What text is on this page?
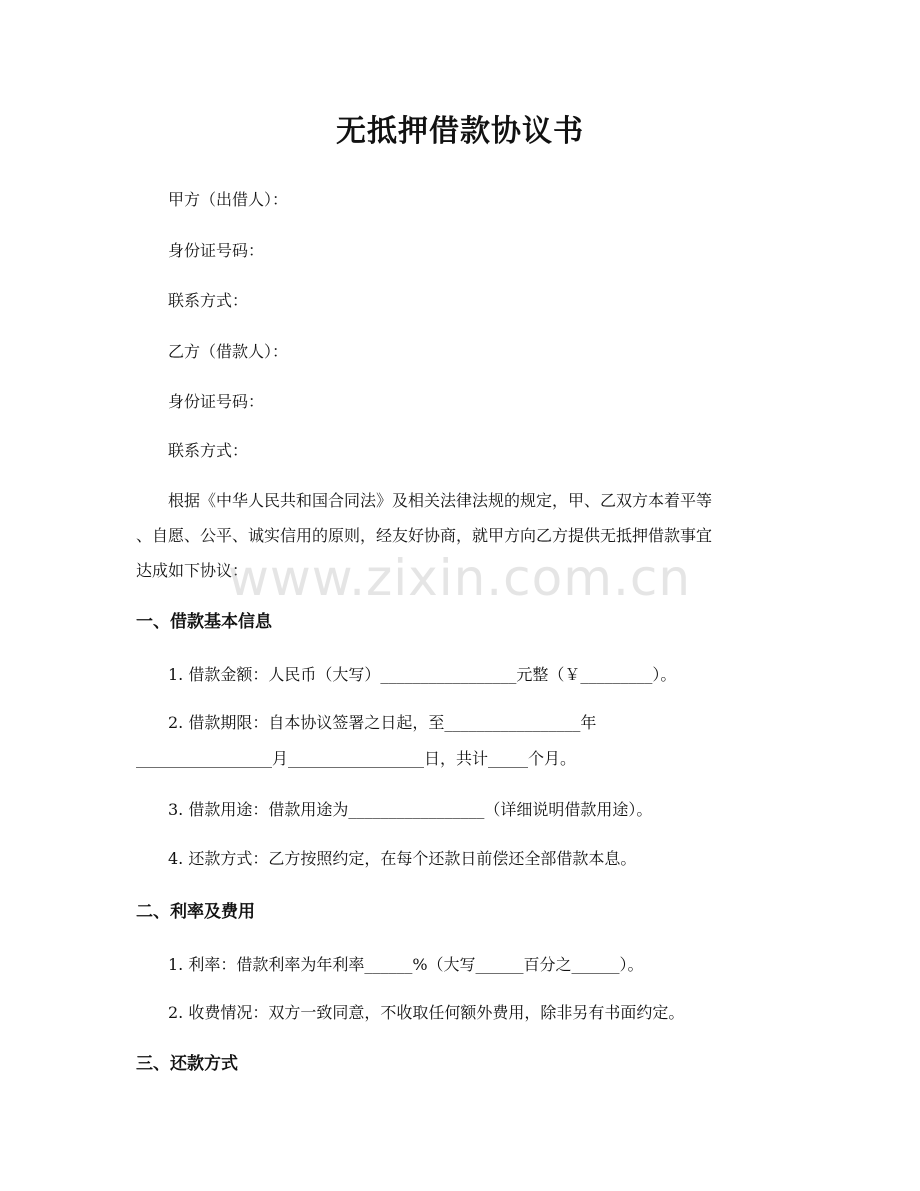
无抵押借款协议书
甲方（出借人）：
身份证号码：
联系方式：
乙方（借款人）：
身份证号码：
联系方式：
根据《中华人民共和国合同法》及相关法律法规的规定，甲、乙双方本着平等
、自愿、公平、诚实信用的原则，经友好协商，就甲方向乙方提供无抵押借款事宜
达成如下协议：
一、借款基本信息
1. 借款金额：人民币（大写）_________________元整（￥_________）。
2. 借款期限：自本协议签署之日起，至_________________年
_________________月_________________日，共计_____个月。
3. 借款用途：借款用途为_________________（详细说明借款用途）。
4. 还款方式：乙方按照约定，在每个还款日前偿还全部借款本息。
二、利率及费用
1. 利率：借款利率为年利率______%（大写______百分之______）。
2. 收费情况：双方一致同意，不收取任何额外费用，除非另有书面约定。
三、还款方式
www.zixin.com.cn
